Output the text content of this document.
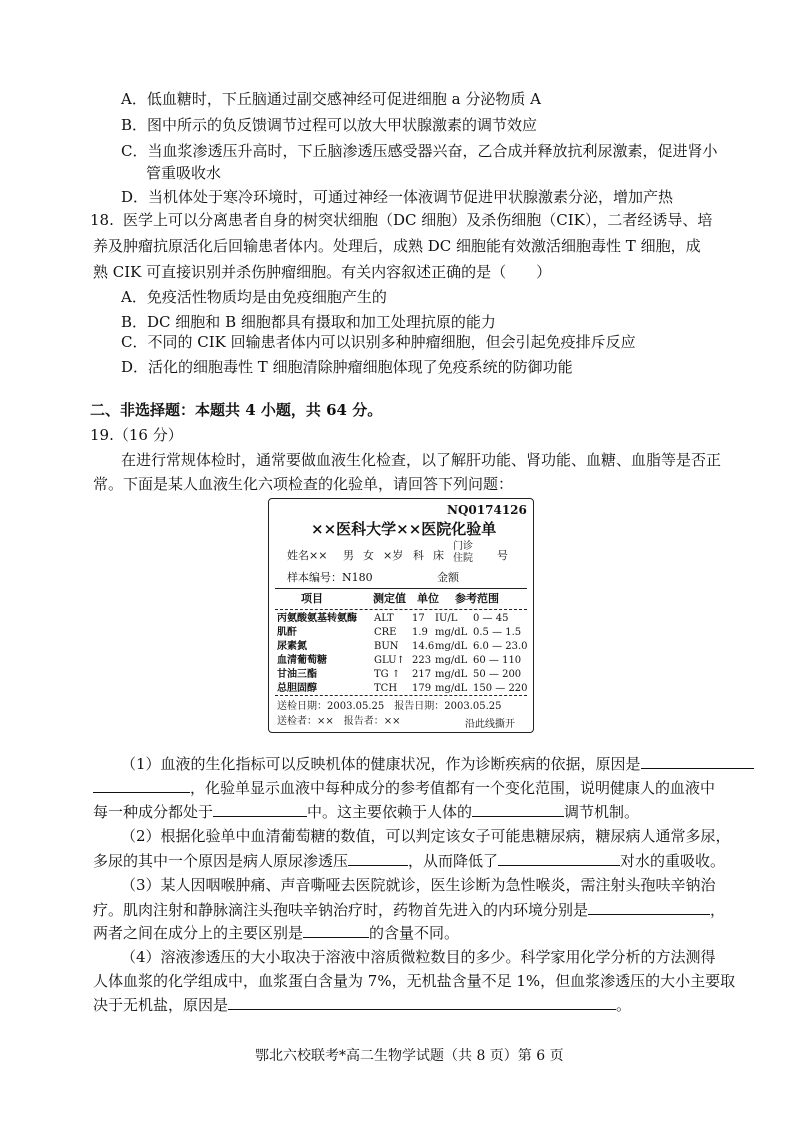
A．低血糖时，下丘脑通过副交感神经可促进细胞 a 分泌物质 A
B．图中所示的负反馈调节过程可以放大甲状腺激素的调节效应
C．当血浆渗透压升高时，下丘脑渗透压感受器兴奋，乙合成并释放抗利尿激素，促进肾小
管重吸收水
D．当机体处于寒冷环境时，可通过神经一体液调节促进甲状腺激素分泌，增加产热
18. 医学上可以分离患者自身的树突状细胞（DC 细胞）及杀伤细胞（CIK），二者经诱导、培
养及肿瘤抗原活化后回输患者体内。处理后，成熟 DC 细胞能有效激活细胞毒性 T 细胞，成
熟 CIK 可直接识别并杀伤肿瘤细胞。有关内容叙述正确的是（　　）
A．免疫活性物质均是由免疫细胞产生的
B．DC 细胞和 B 细胞都具有摄取和加工处理抗原的能力
C．不同的 CIK 回输患者体内可以识别多种肿瘤细胞，但会引起免疫排斥反应
D．活化的细胞毒性 T 细胞清除肿瘤细胞体现了免疫系统的防御功能
二、非选择题：本题共 4 小题，共 64 分。
19.（16 分）
在进行常规体检时，通常要做血液生化检查，以了解肝功能、肾功能、血糖、血脂等是否正
常。下面是某人血液生化六项检查的化验单，请回答下列问题：
NQ0174126
××医科大学××医院化验单
姓名×× 男 女 ×岁 科 床
门诊
住院 号
样本编号：N180	金额
项目	测定值 单位 参考范围
丙氨酸氨基转氨酶 ALT 17 IU/L 0 — 45
肌酐	CRE 1.9 mg/dL 0.5 — 1.5
尿素氮	BUN 14.6 mg/dL 6.0 — 23.0
血清葡萄糖	GLU↑ 223 mg/dL 60 — 110
甘油三酯	TG ↑ 217 mg/dL 50 — 200
总胆固醇	TCH 179 mg/dL 150 — 220
送检日期：2003.05.25　报告日期：2003.05.25
送检者：××　报告者：××	沿此线撕开
（1）血液的生化指标可以反映机体的健康状况，作为诊断疾病的依据，原因是
，化验单显示血液中每种成分的参考值都有一个变化范围，说明健康人的血液中
每一种成分都处于	中。这主要依赖于人体的	调节机制。
（2）根据化验单中血清葡萄糖的数值，可以判定该女子可能患糖尿病，糖尿病人通常多尿，
多尿的其中一个原因是病人原尿渗透压	，从而降低了	对水的重吸收。
（3）某人因咽喉肿痛、声音嘶哑去医院就诊，医生诊断为急性喉炎，需注射头孢呋辛钠治
疗。肌肉注射和静脉滴注头孢呋辛钠治疗时，药物首先进入的内环境分别是	，
两者之间在成分上的主要区别是	的含量不同。
（4）溶液渗透压的大小取决于溶液中溶质微粒数目的多少。科学家用化学分析的方法测得
人体血浆的化学组成中，血浆蛋白含量为 7%，无机盐含量不足 1%，但血浆渗透压的大小主要取
决于无机盐，原因是	。
鄂北六校联考*高二生物学试题（共 8 页）第 6 页
